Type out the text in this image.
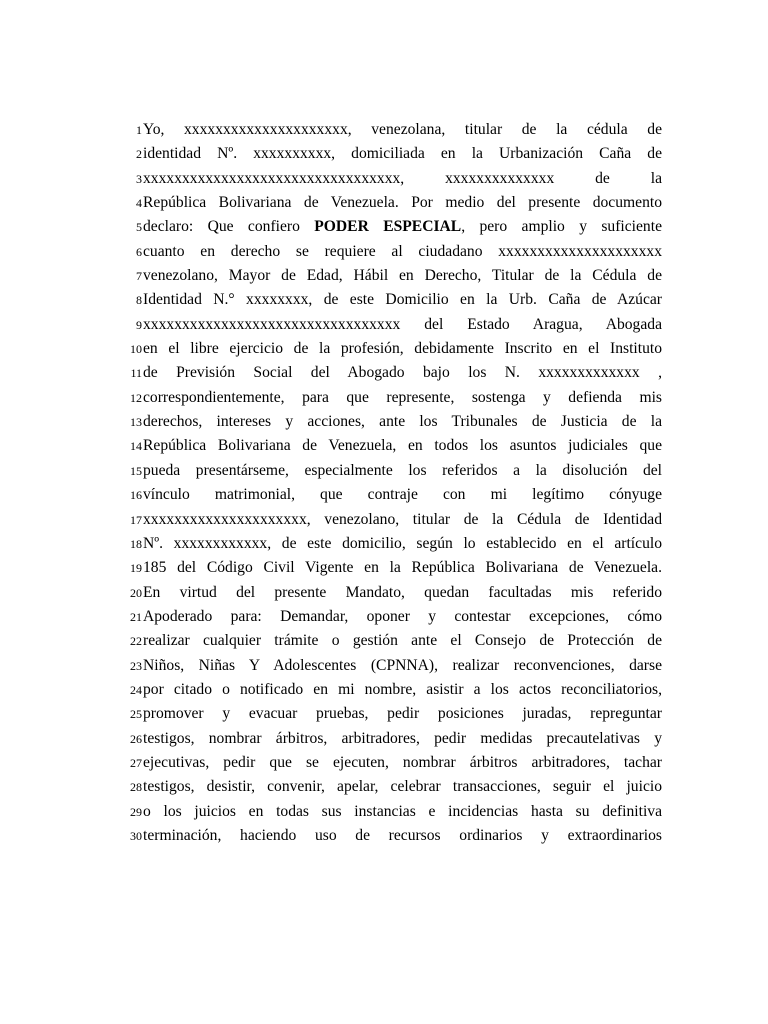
1 Yo, xxxxxxxxxxxxxxxxxxxxx, venezolana, titular de la cédula de
2 identidad Nº. xxxxxxxxxx, domiciliada en la Urbanización Caña de
3 xxxxxxxxxxxxxxxxxxxxxxxxxxxxxxxxx, xxxxxxxxxxxxxx de la
4 República Bolivariana de Venezuela. Por medio del presente documento
5 declaro: Que confiero PODER ESPECIAL, pero amplio y suficiente
6 cuanto en derecho se requiere al ciudadano xxxxxxxxxxxxxxxxxxxxx
7 venezolano, Mayor de Edad, Hábil en Derecho, Titular de la Cédula de
8 Identidad N.° xxxxxxxx, de este Domicilio en la Urb. Caña de Azúcar
9 xxxxxxxxxxxxxxxxxxxxxxxxxxxxxxxxx del Estado Aragua, Abogada
10 en el libre ejercicio de la profesión, debidamente Inscrito en el Instituto
11 de Previsión Social del Abogado bajo los N. xxxxxxxxxxxxx ,
12 correspondientemente, para que represente, sostenga y defienda mis
13 derechos, intereses y acciones, ante los Tribunales de Justicia de la
14 República Bolivariana de Venezuela, en todos los asuntos judiciales que
15 pueda presentárseme, especialmente los referidos a la disolución del
16 vínculo matrimonial, que contraje con mi legítimo cónyuge
17 xxxxxxxxxxxxxxxxxxxxx, venezolano, titular de la Cédula de Identidad
18 Nº. xxxxxxxxxxxx, de este domicilio, según lo establecido en el artículo
19 185 del Código Civil Vigente en la República Bolivariana de Venezuela.
20 En virtud del presente Mandato, quedan facultadas mis referido
21 Apoderado para: Demandar, oponer y contestar excepciones, cómo
22 realizar cualquier trámite o gestión ante el Consejo de Protección de
23 Niños, Niñas Y Adolescentes (CPNNA), realizar reconvenciones, darse
24 por citado o notificado en mi nombre, asistir a los actos reconciliatorios,
25 promover y evacuar pruebas, pedir posiciones juradas, repreguntar
26 testigos, nombrar árbitros, arbitradores, pedir medidas precautelativas y
27 ejecutivas, pedir que se ejecuten, nombrar árbitros arbitradores, tachar
28 testigos, desistir, convenir, apelar, celebrar transacciones, seguir el juicio
29 o los juicios en todas sus instancias e incidencias hasta su definitiva
30 terminación, haciendo uso de recursos ordinarios y extraordinarios
